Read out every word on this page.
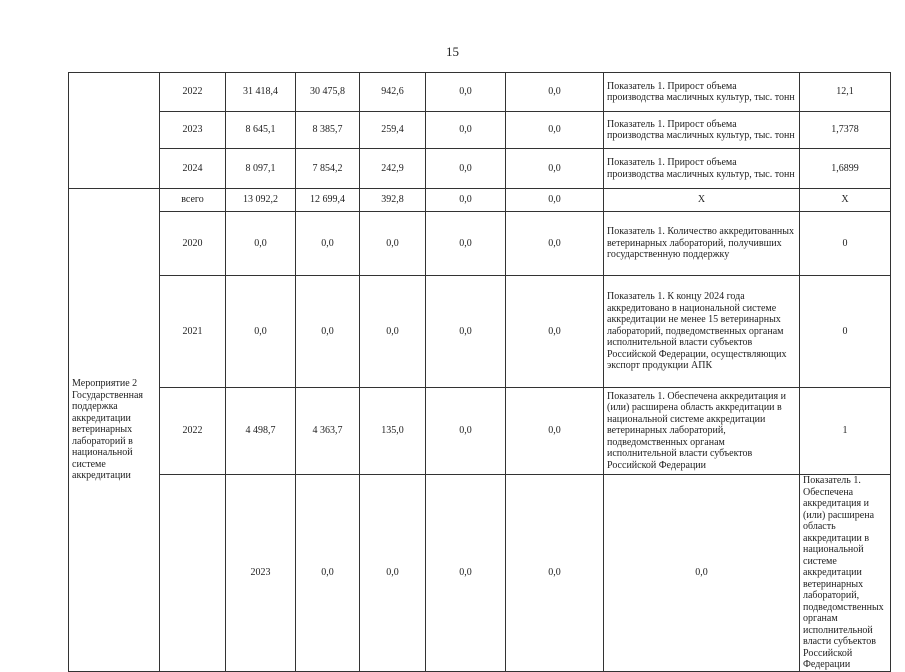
15
	2022	31 418,4	30 475,8	942,6	0,0	0,0	Показатель 1. Прирост объема производства масличных культур, тыс. тонн	12,1	
	2023	8 645,1	8 385,7	259,4	0,0	0,0	Показатель 1. Прирост объема производства масличных культур, тыс. тонн	1,7378	
	2024	8 097,1	7 854,2	242,9	0,0	0,0	Показатель 1. Прирост объема производства масличных культур, тыс. тонн	1,6899	
Мероприятие 2 Государственная поддержка аккредитации ветеринарных лабораторий в национальной системе аккредитации	всего	13 092,2	12 699,4	392,8	0,0	0,0	X	X	
	2020	0,0	0,0	0,0	0,0	0,0	Показатель 1. Количество аккредитованных ветеринарных лабораторий, получивших государственную поддержку	0	
	2021	0,0	0,0	0,0	0,0	0,0	Показатель 1. К концу 2024 года аккредитовано в национальной системе аккредитации не менее 15 ветеринарных лабораторий, подведомственных органам исполнительной власти субъектов Российской Федерации, осуществляющих экспорт продукции АПК	0	
	2022	4 498,7	4 363,7	135,0	0,0	0,0	Показатель 1. Обеспечена аккредитация и (или) расширена область аккредитации в национальной системе аккредитации ветеринарных лабораторий, подведомственных органам исполнительной власти субъектов Российской Федерации	1	
		2023	0,0	0,0	0,0	0,0	0,0	Показатель 1. Обеспечена аккредитация и (или) расширена область аккредитации в национальной системе аккредитации ветеринарных лабораторий, подведомственных органам исполнительной власти субъектов Российской Федерации	
